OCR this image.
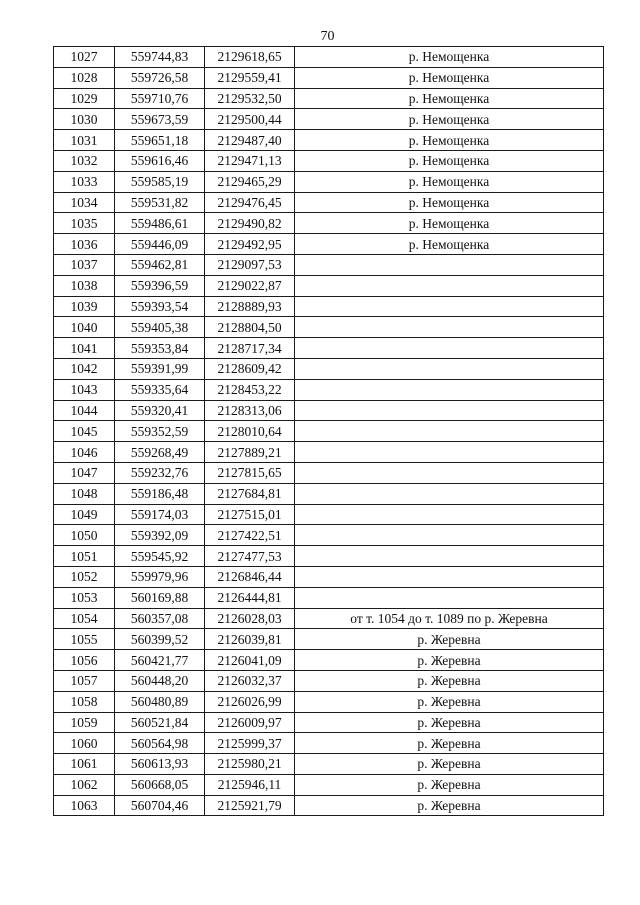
70
1027	559744,83	2129618,65	р. Немощенка
1028	559726,58	2129559,41	р. Немощенка
1029	559710,76	2129532,50	р. Немощенка
1030	559673,59	2129500,44	р. Немощенка
1031	559651,18	2129487,40	р. Немощенка
1032	559616,46	2129471,13	р. Немощенка
1033	559585,19	2129465,29	р. Немощенка
1034	559531,82	2129476,45	р. Немощенка
1035	559486,61	2129490,82	р. Немощенка
1036	559446,09	2129492,95	р. Немощенка
1037	559462,81	2129097,53	
1038	559396,59	2129022,87	
1039	559393,54	2128889,93	
1040	559405,38	2128804,50	
1041	559353,84	2128717,34	
1042	559391,99	2128609,42	
1043	559335,64	2128453,22	
1044	559320,41	2128313,06	
1045	559352,59	2128010,64	
1046	559268,49	2127889,21	
1047	559232,76	2127815,65	
1048	559186,48	2127684,81	
1049	559174,03	2127515,01	
1050	559392,09	2127422,51	
1051	559545,92	2127477,53	
1052	559979,96	2126846,44	
1053	560169,88	2126444,81	
1054	560357,08	2126028,03	от т. 1054 до т. 1089 по р. Жеревна
1055	560399,52	2126039,81	р. Жеревна
1056	560421,77	2126041,09	р. Жеревна
1057	560448,20	2126032,37	р. Жеревна
1058	560480,89	2126026,99	р. Жеревна
1059	560521,84	2126009,97	р. Жеревна
1060	560564,98	2125999,37	р. Жеревна
1061	560613,93	2125980,21	р. Жеревна
1062	560668,05	2125946,11	р. Жеревна
1063	560704,46	2125921,79	р. Жеревна
